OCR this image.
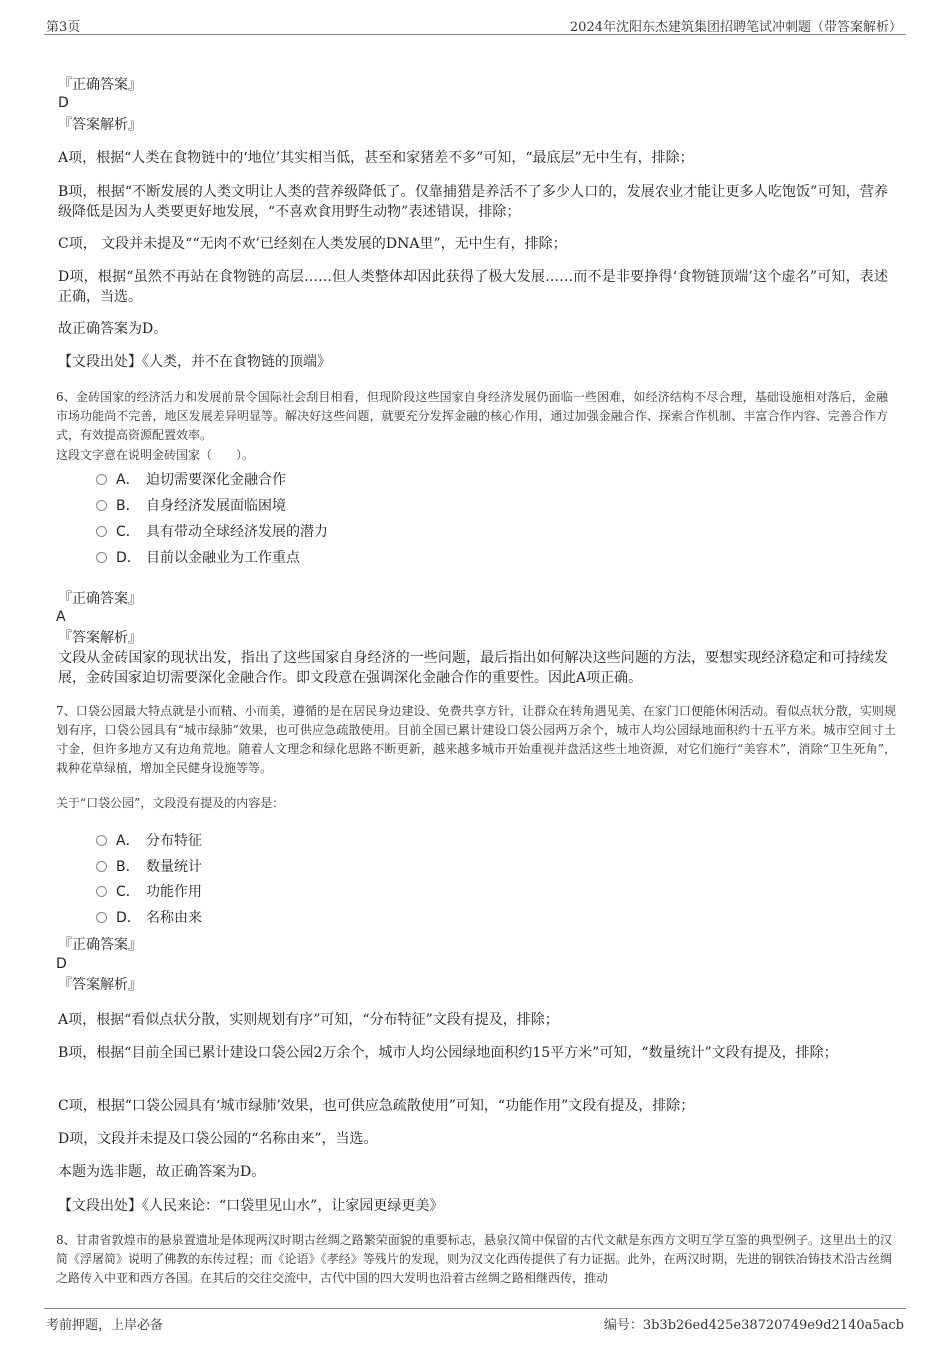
第3页	2024年沈阳东杰建筑集团招聘笔试冲刺题（带答案解析）
『正确答案』
D
『答案解析』
A项，根据“人类在食物链中的‘地位’其实相当低，甚至和家猪差不多”可知，“最底层”无中生有，排除；
B项，根据“不断发展的人类文明让人类的营养级降低了。仅靠捕猎是养活不了多少人口的，发展农业才能让更多人吃饱饭”可知，营养级降低是因为人类要更好地发展，“不喜欢食用野生动物”表述错误，排除；
C项， 文段并未提及““无肉不欢’已经刻在人类发展的DNA里”，无中生有，排除；
D项，根据“虽然不再站在食物链的高层……但人类整体却因此获得了极大发展……而不是非要挣得‘食物链顶端’这个虚名”可知，表述正确，当选。
故正确答案为D。
【文段出处】《人类，并不在食物链的顶端》
6、金砖国家的经济活力和发展前景令国际社会刮目相看，但现阶段这些国家自身经济发展仍面临一些困难，如经济结构不尽合理，基础设施相对落后，金融市场功能尚不完善，地区发展差异明显等。解决好这些问题，就要充分发挥金融的核心作用，通过加强金融合作、探索合作机制、丰富合作内容、完善合作方式，有效提高资源配置效率。
这段文字意在说明金砖国家（　　）。
A． 迫切需要深化金融合作
B． 自身经济发展面临困境
C． 具有带动全球经济发展的潜力
D． 目前以金融业为工作重点
『正确答案』
A
『答案解析』
文段从金砖国家的现状出发，指出了这些国家自身经济的一些问题，最后指出如何解决这些问题的方法，要想实现经济稳定和可持续发展，金砖国家迫切需要深化金融合作。即文段意在强调深化金融合作的重要性。因此A项正确。
7、口袋公园最大特点就是小而精、小而美，遵循的是在居民身边建设、免费共享方针，让群众在转角遇见美、在家门口便能休闲活动。看似点状分散，实则规划有序，口袋公园具有“城市绿肺”效果，也可供应急疏散使用。目前全国已累计建设口袋公园两万余个，城市人均公园绿地面积约十五平方米。城市空间寸土寸金，但许多地方又有边角荒地。随着人文理念和绿化思路不断更新，越来越多城市开始重视并盘活这些土地资源，对它们施行“美容术”，消除“卫生死角”，栽种花草绿植，增加全民健身设施等等。
关于“口袋公园”，文段没有提及的内容是：
A． 分布特征
B． 数量统计
C． 功能作用
D． 名称由来
『正确答案』
D
『答案解析』
A项，根据“看似点状分散，实则规划有序”可知，“分布特征”文段有提及，排除；
B项，根据“目前全国已累计建设口袋公园2万余个，城市人均公园绿地面积约15平方米”可知，“数量统计”文段有提及，排除；
C项，根据“口袋公园具有‘城市绿肺’效果，也可供应急疏散使用”可知，“功能作用”文段有提及，排除；
D项，文段并未提及口袋公园的“名称由来”，当选。
本题为选非题，故正确答案为D。
【文段出处】《人民来论：“口袋里见山水”，让家园更绿更美》
8、甘肃省敦煌市的悬泉置遗址是体现两汉时期古丝绸之路繁荣面貌的重要标志，悬泉汉简中保留的古代文献是东西方文明互学互鉴的典型例子。这里出土的汉简《浮屠简》说明了佛教的东传过程；而《论语》《孝经》等残片的发现，则为汉文化西传提供了有力证据。此外，在两汉时期，先进的钢铁冶铸技术沿古丝绸之路传入中亚和西方各国。在其后的交往交流中，古代中国的四大发明也沿着古丝绸之路相继西传，推动
考前押题，上岸必备	编号：3b3b26ed425e38720749e9d2140a5acb
